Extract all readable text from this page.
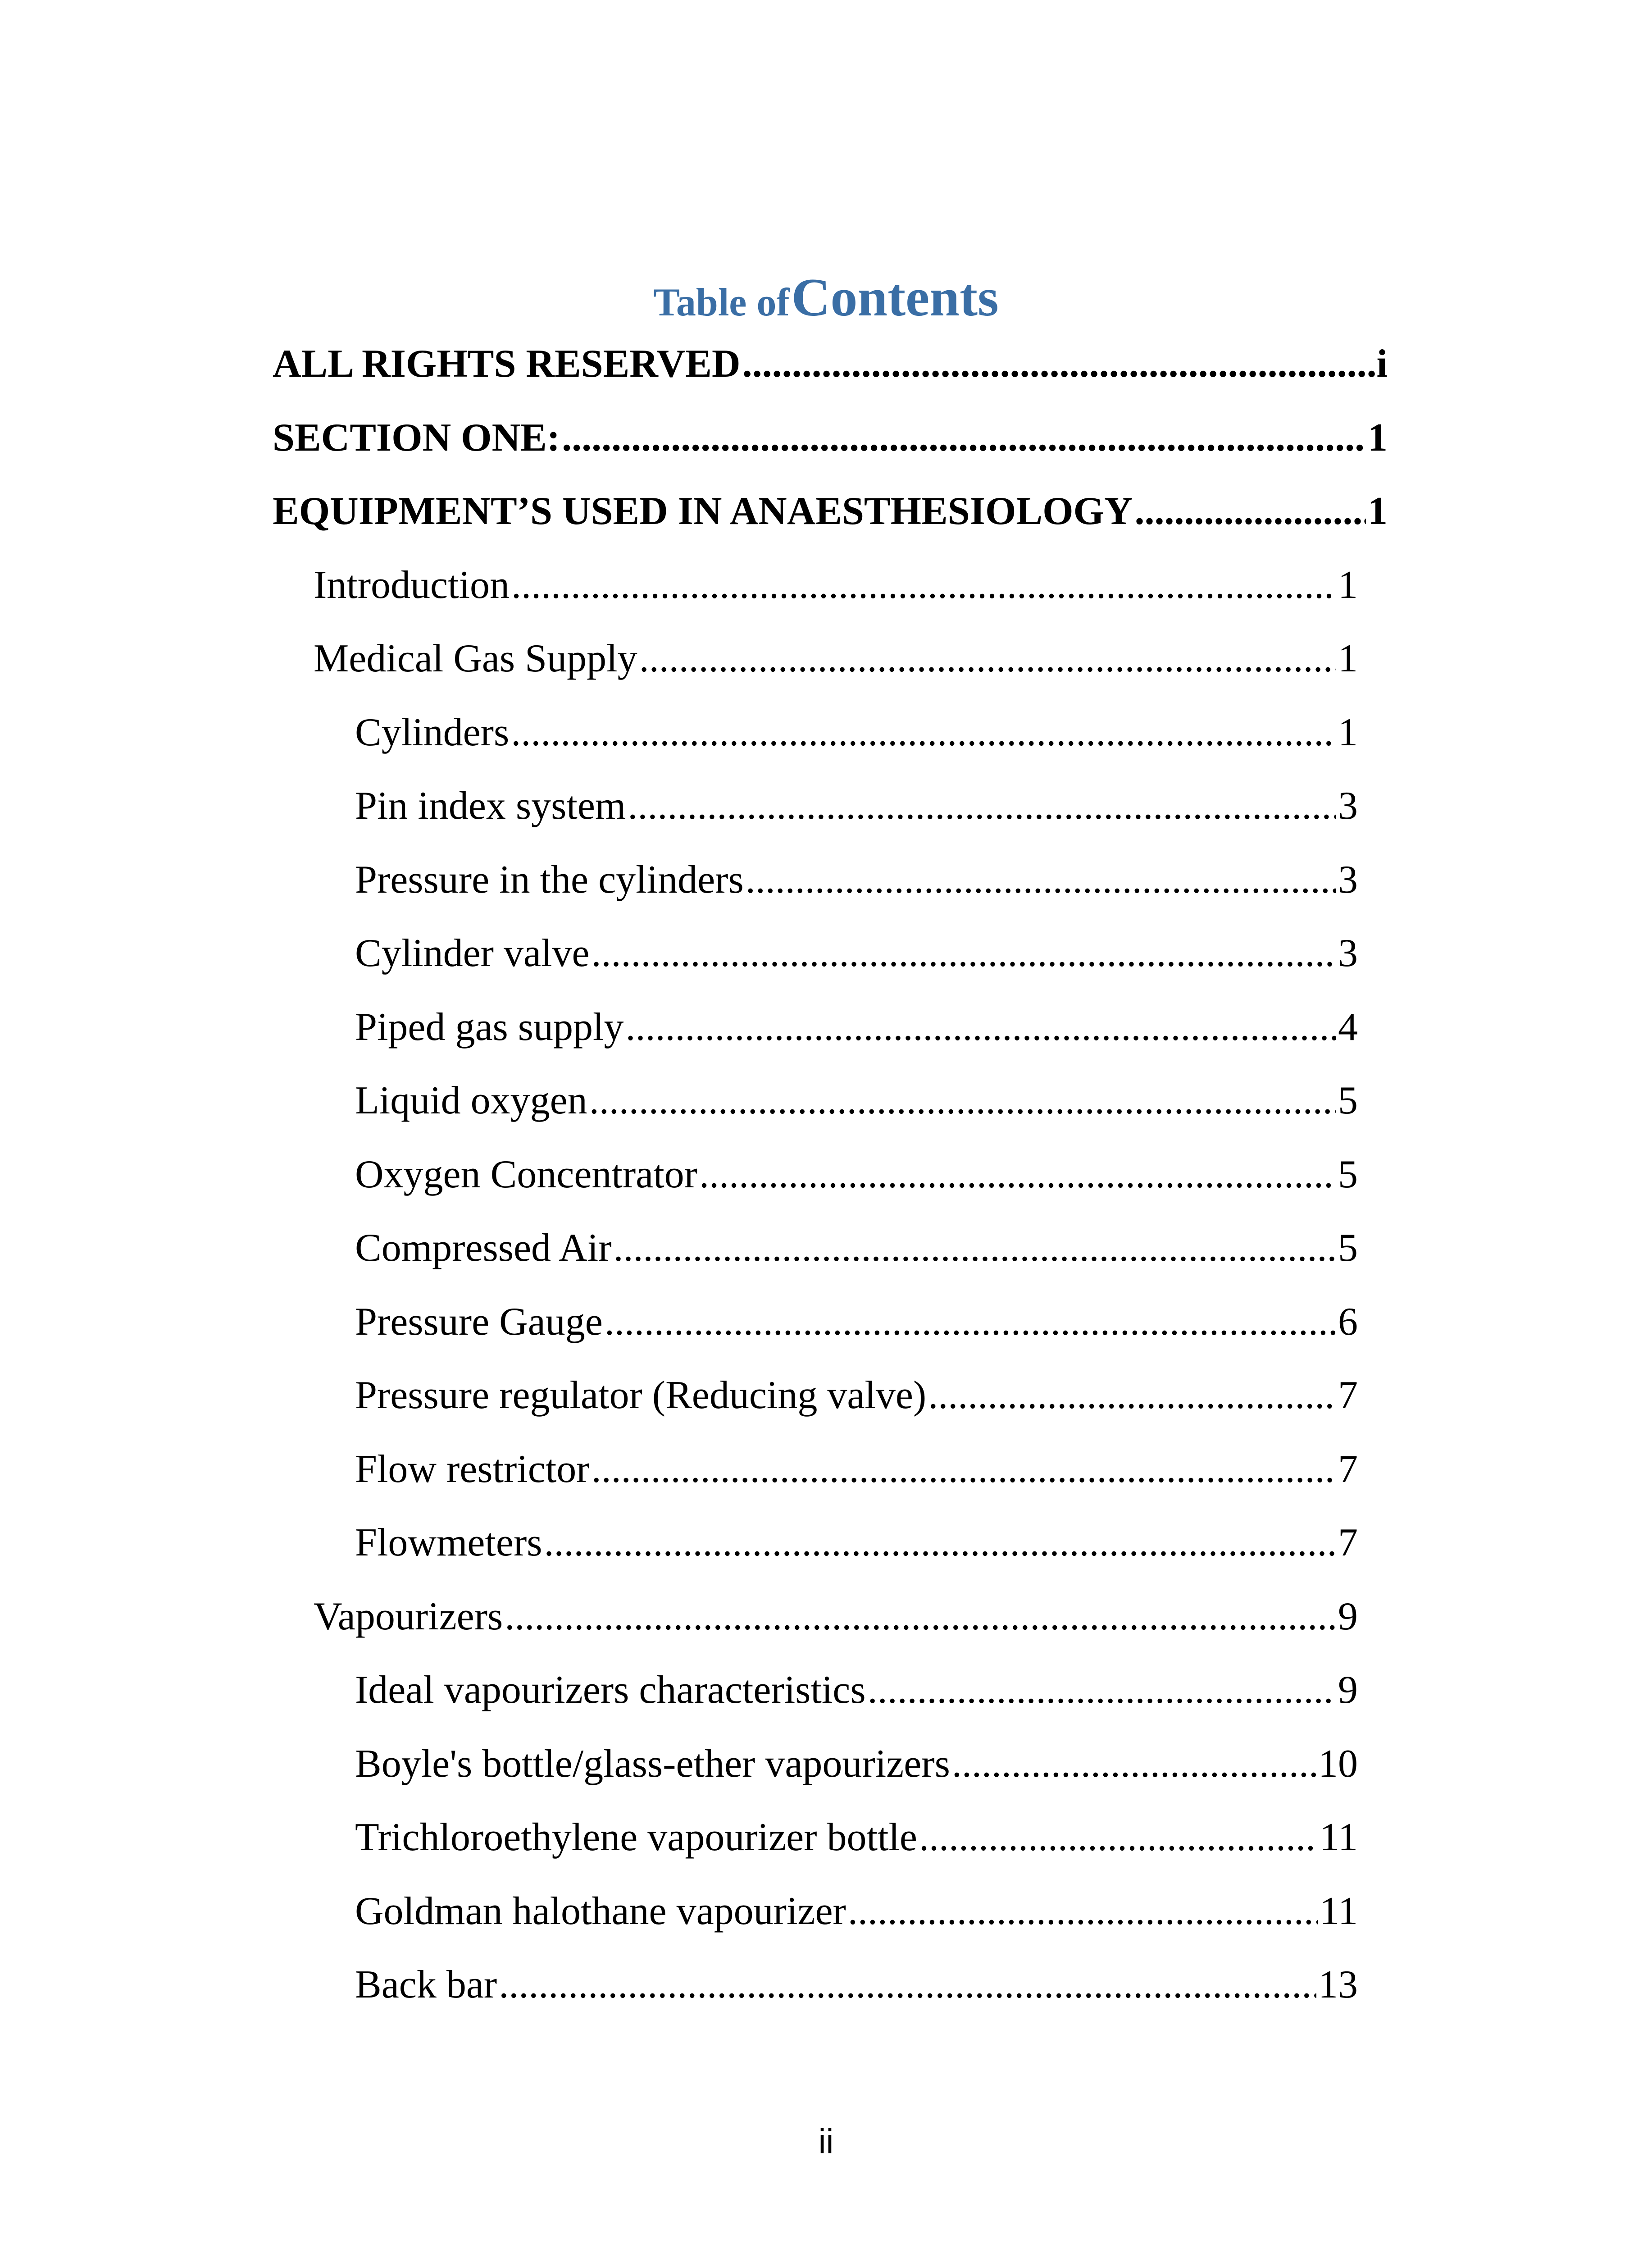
Table of Contents
ALL RIGHTS RESERVED .....	i
SECTION ONE: .....	1
EQUIPMENT’S USED IN ANAESTHESIOLOGY .....	1
Introduction .....	1
Medical Gas Supply .....	1
Cylinders .....	1
Pin index system .....	3
Pressure in the cylinders .....	3
Cylinder valve .....	3
Piped gas supply .....	4
Liquid oxygen .....	5
Oxygen Concentrator .....	5
Compressed Air .....	5
Pressure Gauge .....	6
Pressure regulator (Reducing valve) .....	7
Flow restrictor .....	7
Flowmeters .....	7
Vapourizers .....	9
Ideal vapourizers characteristics .....	9
Boyle's bottle/glass-ether vapourizers .....	10
Trichloroethylene vapourizer bottle .....	11
Goldman halothane vapourizer .....	11
Back bar .....	13
ii
